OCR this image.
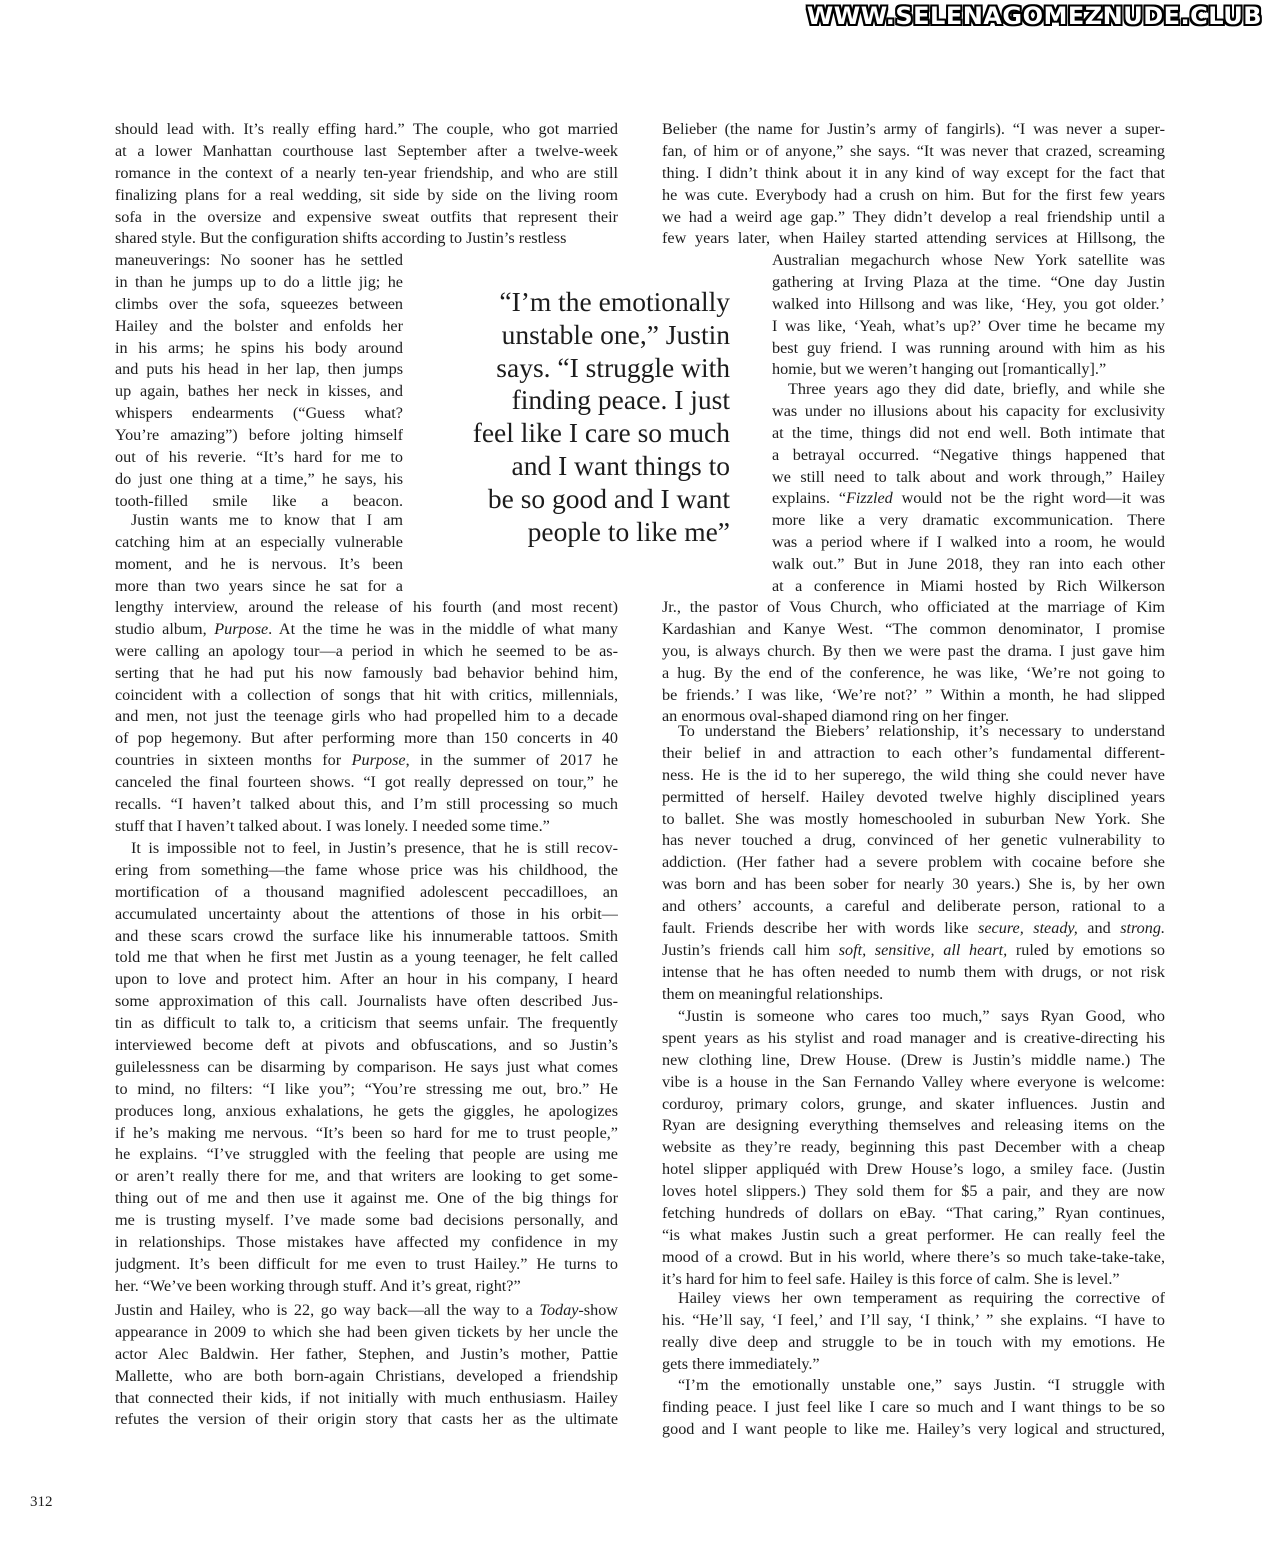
WWW.SELENAGOMEZNUDE.CLUB
should lead with. It’s really effing hard.” The couple, who got married
at a lower Manhattan courthouse last September after a twelve-week
romance in the context of a nearly ten-year friendship, and who are still
finalizing plans for a real wedding, sit side by side on the living room
sofa in the oversize and expensive sweat outfits that represent their
shared style. But the configuration shifts according to Justin’s restless
maneuverings: No sooner has he settled
in than he jumps up to do a little jig; he
climbs over the sofa, squeezes between
Hailey and the bolster and enfolds her
in his arms; he spins his body around
and puts his head in her lap, then jumps
up again, bathes her neck in kisses, and
whispers endearments (“Guess what?
You’re amazing”) before jolting himself
out of his reverie. “It’s hard for me to
do just one thing at a time,” he says, his
tooth-filled smile like a beacon.
Justin wants me to know that I am
catching him at an especially vulnerable
moment, and he is nervous. It’s been
more than two years since he sat for a
lengthy interview, around the release of his fourth (and most recent)
studio album, Purpose. At the time he was in the middle of what many
were calling an apology tour—a period in which he seemed to be as-
serting that he had put his now famously bad behavior behind him,
coincident with a collection of songs that hit with critics, millennials,
and men, not just the teenage girls who had propelled him to a decade
of pop hegemony. But after performing more than 150 concerts in 40
countries in sixteen months for Purpose, in the summer of 2017 he
canceled the final fourteen shows. “I got really depressed on tour,” he
recalls. “I haven’t talked about this, and I’m still processing so much
stuff that I haven’t talked about. I was lonely. I needed some time.”
It is impossible not to feel, in Justin’s presence, that he is still recov-
ering from something—the fame whose price was his childhood, the
mortification of a thousand magnified adolescent peccadilloes, an
accumulated uncertainty about the attentions of those in his orbit—
and these scars crowd the surface like his innumerable tattoos. Smith
told me that when he first met Justin as a young teenager, he felt called
upon to love and protect him. After an hour in his company, I heard
some approximation of this call. Journalists have often described Jus-
tin as difficult to talk to, a criticism that seems unfair. The frequently
interviewed become deft at pivots and obfuscations, and so Justin’s
guilelessness can be disarming by comparison. He says just what comes
to mind, no filters: “I like you”; “You’re stressing me out, bro.” He
produces long, anxious exhalations, he gets the giggles, he apologizes
if he’s making me nervous. “It’s been so hard for me to trust people,”
he explains. “I’ve struggled with the feeling that people are using me
or aren’t really there for me, and that writers are looking to get some-
thing out of me and then use it against me. One of the big things for
me is trusting myself. I’ve made some bad decisions personally, and
in relationships. Those mistakes have affected my confidence in my
judgment. It’s been difficult for me even to trust Hailey.” He turns to
her. “We’ve been working through stuff. And it’s great, right?”
Justin and Hailey, who is 22, go way back—all the way to a Today-show
appearance in 2009 to which she had been given tickets by her uncle the
actor Alec Baldwin. Her father, Stephen, and Justin’s mother, Pattie
Mallette, who are both born-again Christians, developed a friendship
that connected their kids, if not initially with much enthusiasm. Hailey
refutes the version of their origin story that casts her as the ultimate
“I’m the emotionally
unstable one,” Justin
says. “I struggle with
finding peace. I just
feel like I care so much
and I want things to
be so good and I want
people to like me”
Belieber (the name for Justin’s army of fangirls). “I was never a super-
fan, of him or of anyone,” she says. “It was never that crazed, screaming
thing. I didn’t think about it in any kind of way except for the fact that
he was cute. Everybody had a crush on him. But for the first few years
we had a weird age gap.” They didn’t develop a real friendship until a
few years later, when Hailey started attending services at Hillsong, the
Australian megachurch whose New York satellite was
gathering at Irving Plaza at the time. “One day Justin
walked into Hillsong and was like, ‘Hey, you got older.’
I was like, ‘Yeah, what’s up?’ Over time he became my
best guy friend. I was running around with him as his
homie, but we weren’t hanging out [romantically].”
Three years ago they did date, briefly, and while she
was under no illusions about his capacity for exclusivity
at the time, things did not end well. Both intimate that
a betrayal occurred. “Negative things happened that
we still need to talk about and work through,” Hailey
explains. “Fizzled would not be the right word—it was
more like a very dramatic excommunication. There
was a period where if I walked into a room, he would
walk out.” But in June 2018, they ran into each other
at a conference in Miami hosted by Rich Wilkerson
Jr., the pastor of Vous Church, who officiated at the marriage of Kim
Kardashian and Kanye West. “The common denominator, I promise
you, is always church. By then we were past the drama. I just gave him
a hug. By the end of the conference, he was like, ‘We’re not going to
be friends.’ I was like, ‘We’re not?’ ” Within a month, he had slipped
an enormous oval-shaped diamond ring on her finger.
To understand the Biebers’ relationship, it’s necessary to understand
their belief in and attraction to each other’s fundamental different-
ness. He is the id to her superego, the wild thing she could never have
permitted of herself. Hailey devoted twelve highly disciplined years
to ballet. She was mostly homeschooled in suburban New York. She
has never touched a drug, convinced of her genetic vulnerability to
addiction. (Her father had a severe problem with cocaine before she
was born and has been sober for nearly 30 years.) She is, by her own
and others’ accounts, a careful and deliberate person, rational to a
fault. Friends describe her with words like secure, steady, and strong.
Justin’s friends call him soft, sensitive, all heart, ruled by emotions so
intense that he has often needed to numb them with drugs, or not risk
them on meaningful relationships.
“Justin is someone who cares too much,” says Ryan Good, who
spent years as his stylist and road manager and is creative-directing his
new clothing line, Drew House. (Drew is Justin’s middle name.) The
vibe is a house in the San Fernando Valley where everyone is welcome:
corduroy, primary colors, grunge, and skater influences. Justin and
Ryan are designing everything themselves and releasing items on the
website as they’re ready, beginning this past December with a cheap
hotel slipper appliquéd with Drew House’s logo, a smiley face. (Justin
loves hotel slippers.) They sold them for $5 a pair, and they are now
fetching hundreds of dollars on eBay. “That caring,” Ryan continues,
“is what makes Justin such a great performer. He can really feel the
mood of a crowd. But in his world, where there’s so much take-take-take,
it’s hard for him to feel safe. Hailey is this force of calm. She is level.”
Hailey views her own temperament as requiring the corrective of
his. “He’ll say, ‘I feel,’ and I’ll say, ‘I think,’ ” she explains. “I have to
really dive deep and struggle to be in touch with my emotions. He
gets there immediately.”
“I’m the emotionally unstable one,” says Justin. “I struggle with
finding peace. I just feel like I care so much and I want things to be so
good and I want people to like me. Hailey’s very logical and structured,
312
